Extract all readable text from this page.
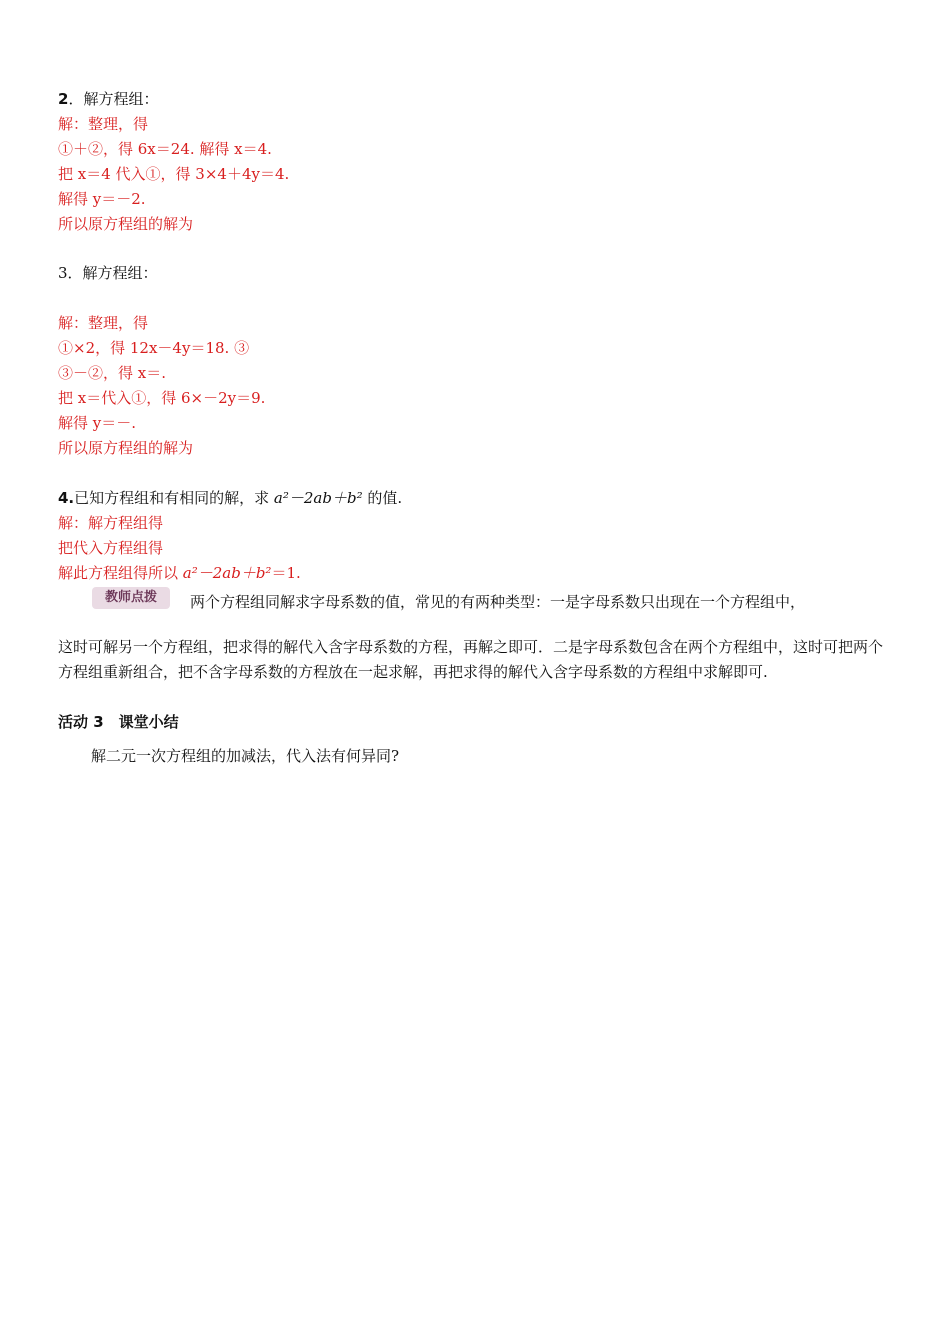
2．解方程组：
解：整理，得
①＋②，得 6x＝24. 解得 x＝4.
把 x＝4 代入①，得 3×4＋4y＝4.
解得 y＝－2.
所以原方程组的解为
3．解方程组：
解：整理，得
①×2，得 12x－4y＝18. ③
③－②，得 x＝.
把 x＝代入①，得 6×－2y＝9.
解得 y＝－.
所以原方程组的解为
4.已知方程组和有相同的解，求 a²－2ab＋b² 的值.
解：解方程组得
把代入方程组得
解此方程组得所以 a²－2ab＋b²＝1.
教师点拨	两个方程组同解求字母系数的值，常见的有两种类型：一是字母系数只出现在一个方程组中，
这时可解另一个方程组，把求得的解代入含字母系数的方程，再解之即可．二是字母系数包含在两个方程组中，这时可把两个方程组重新组合，把不含字母系数的方程放在一起求解，再把求得的解代入含字母系数的方程组中求解即可.
活动 3　课堂小结
解二元一次方程组的加减法，代入法有何异同?
